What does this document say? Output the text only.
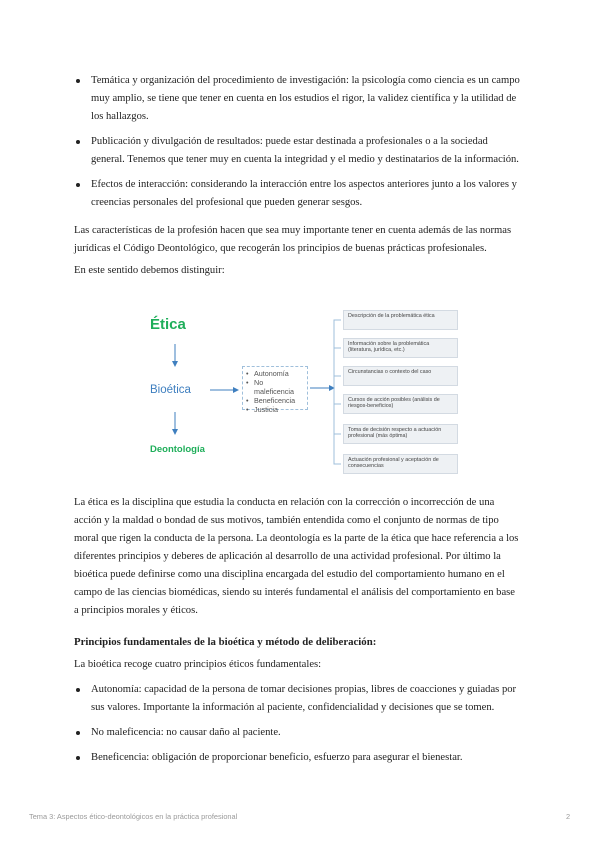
Temática y organización del procedimiento de investigación: la psicología como ciencia es un campo muy amplio, se tiene que tener en cuenta en los estudios el rigor, la validez científica y la utilidad de los hallazgos.
Publicación y divulgación de resultados: puede estar destinada a profesionales o a la sociedad general. Tenemos que tener muy en cuenta la integridad y el medio y destinatarios de la información.
Efectos de interacción: considerando la interacción entre los aspectos anteriores junto a los valores y creencias personales del profesional que pueden generar sesgos.

Las características de la profesión hacen que sea muy importante tener en cuenta además de las normas jurídicas el Código Deontológico, que recogerán los principios de buenas prácticas profesionales.

En este sentido debemos distinguir:

Ética
Bioética
Deontología
• Autonomía
• No maleficencia
• Beneficencia
• Justicia
Descripción de la problemática ética
Información sobre la problemática (literatura, jurídica, etc.)
Circunstancias o contexto del caso
Cursos de acción posibles (análisis de riesgos-beneficios)
Toma de decisión respecto a actuación profesional (más óptima)
Actuación profesional y aceptación de consecuencias

La ética es la disciplina que estudia la conducta en relación con la corrección o incorrección de una acción y la maldad o bondad de sus motivos, también entendida como el conjunto de normas de tipo moral que rigen la conducta de la persona. La deontología es la parte de la ética que hace referencia a los diferentes principios y deberes de aplicación al desarrollo de una actividad profesional. Por último la bioética puede definirse como una disciplina encargada del estudio del comportamiento humano en el campo de las ciencias biomédicas, siendo su interés fundamental el análisis del comportamiento en base a principios morales y éticos.

Principios fundamentales de la bioética y método de deliberación:

La bioética recoge cuatro principios éticos fundamentales:

Autonomía: capacidad de la persona de tomar decisiones propias, libres de coacciones y guiadas por sus valores. Importante la información al paciente, confidencialidad y decisiones que se tomen.
No maleficencia: no causar daño al paciente.
Beneficencia: obligación de proporcionar beneficio, esfuerzo para asegurar el bienestar.
Tema 3: Aspectos ético-deontológicos en la práctica profesional	2
